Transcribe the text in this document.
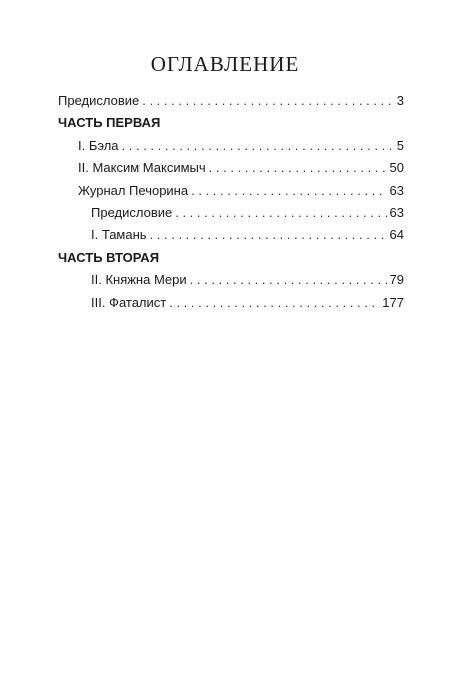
ОГЛАВЛЕНИЕ
Предисловие . . .	3
ЧАСТЬ ПЕРВАЯ
I. Бэла . . .	5
II. Максим Максимыч . . .	50
Журнал Печорина . . .	63
Предисловие . . .	63
I. Тамань . . .	64
ЧАСТЬ ВТОРАЯ
II. Княжна Мери . . .	79
III. Фаталист . . .	177
